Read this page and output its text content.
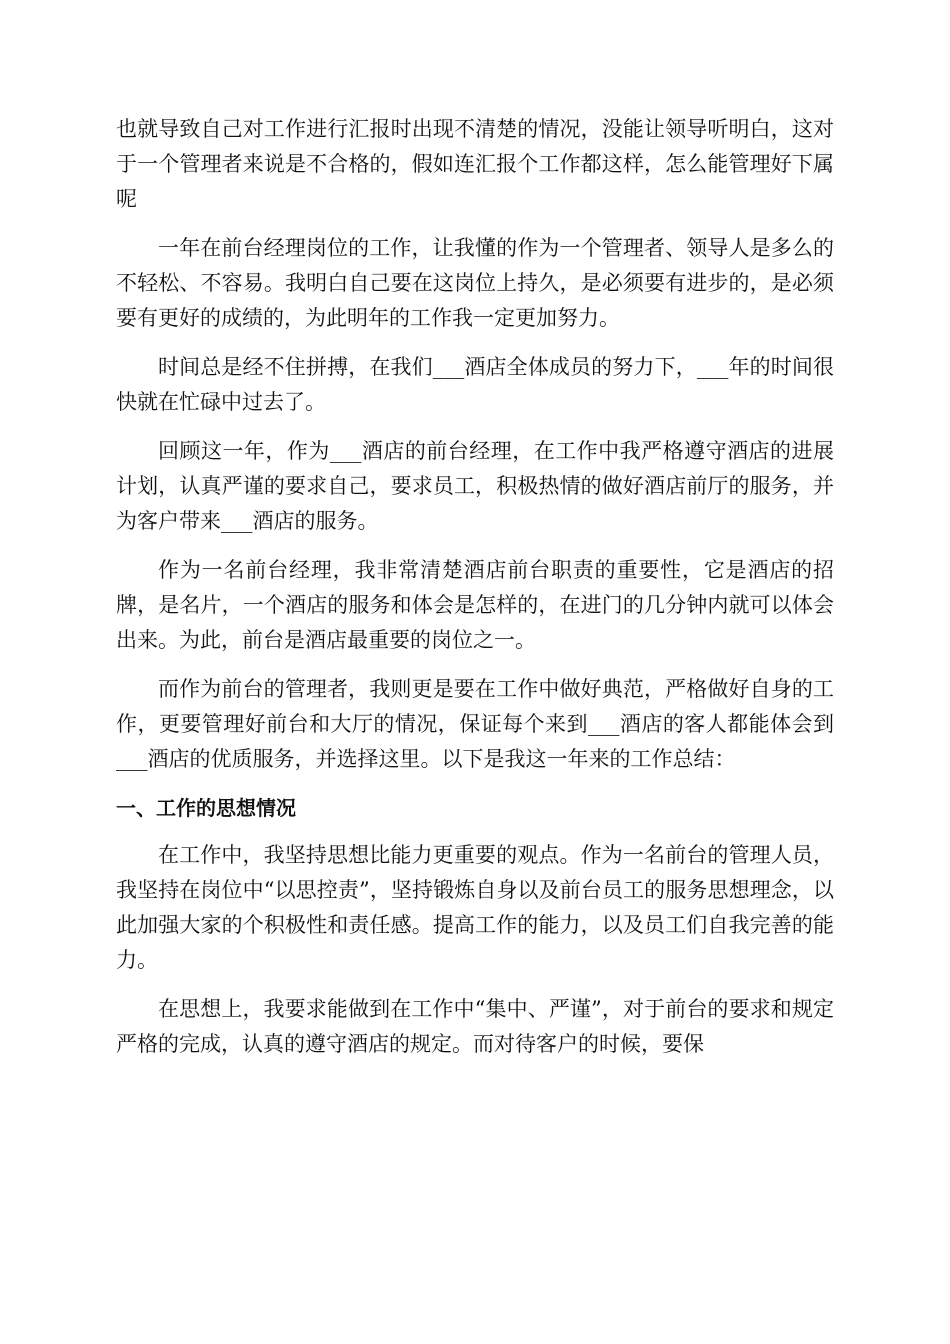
也就导致自己对工作进行汇报时出现不清楚的情况，没能让领导听明白，这对于一个管理者来说是不合格的，假如连汇报个工作都这样，怎么能管理好下属呢

一年在前台经理岗位的工作，让我懂的作为一个管理者、领导人是多么的不轻松、不容易。我明白自己要在这岗位上持久，是必须要有进步的，是必须要有更好的成绩的，为此明年的工作我一定更加努力。

时间总是经不住拼搏，在我们___酒店全体成员的努力下，___年的时间很快就在忙碌中过去了。

回顾这一年，作为___酒店的前台经理，在工作中我严格遵守酒店的进展计划，认真严谨的要求自己，要求员工，积极热情的做好酒店前厅的服务，并为客户带来___酒店的服务。

作为一名前台经理，我非常清楚酒店前台职责的重要性，它是酒店的招牌，是名片，一个酒店的服务和体会是怎样的，在进门的几分钟内就可以体会出来。为此，前台是酒店最重要的岗位之一。

而作为前台的管理者，我则更是要在工作中做好典范，严格做好自身的工作，更要管理好前台和大厅的情况，保证每个来到___酒店的客人都能体会到___酒店的优质服务，并选择这里。以下是我这一年来的工作总结：

一、工作的思想情况

在工作中，我坚持思想比能力更重要的观点。作为一名前台的管理人员，我坚持在岗位中“以思控责”，坚持锻炼自身以及前台员工的服务思想理念，以此加强大家的个积极性和责任感。提高工作的能力，以及员工们自我完善的能力。

在思想上，我要求能做到在工作中“集中、严谨”，对于前台的要求和规定严格的完成，认真的遵守酒店的规定。而对待客户的时候，要保
